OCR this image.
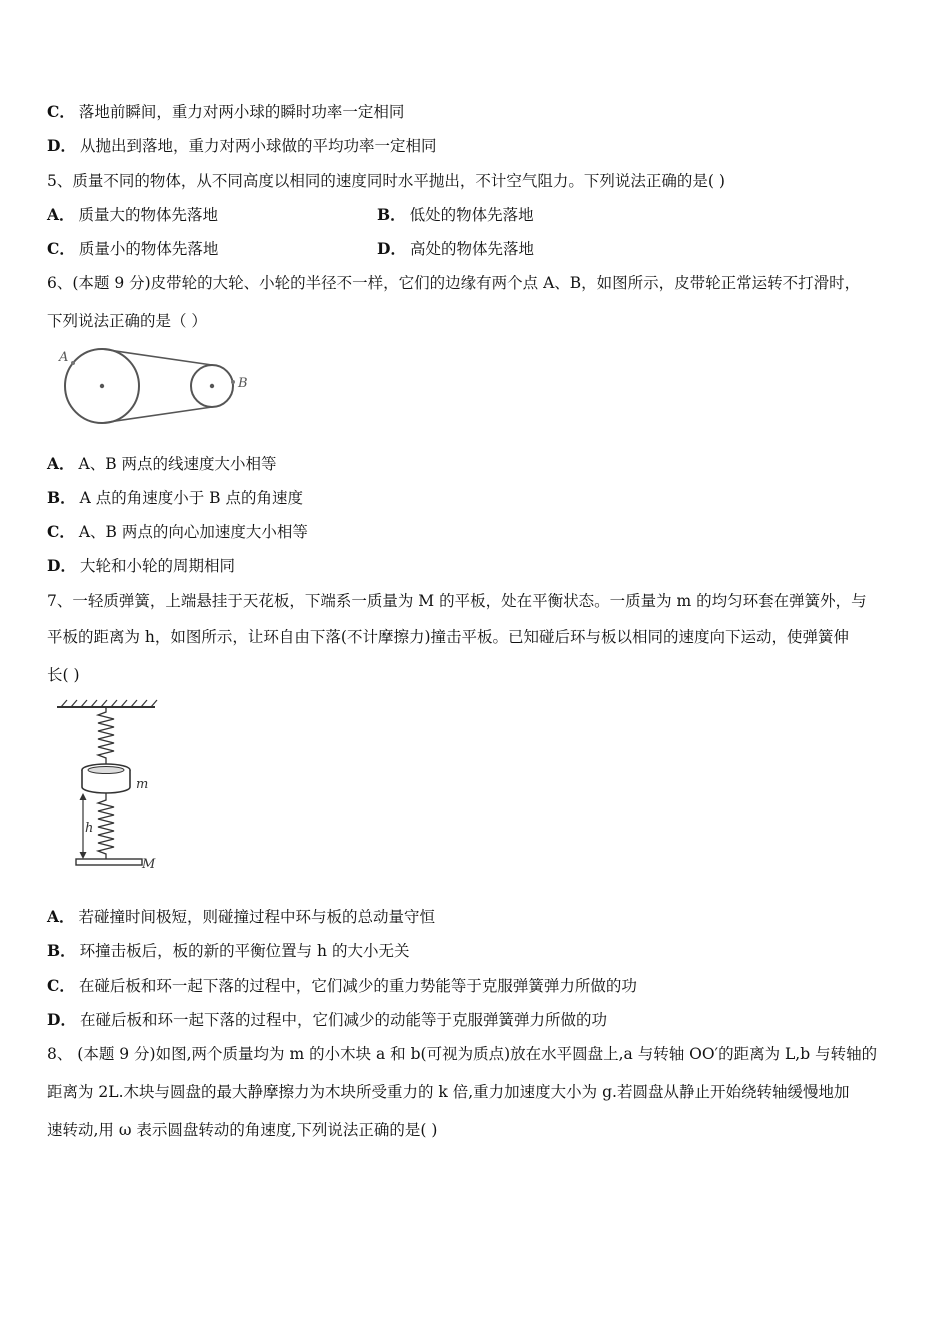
C． 落地前瞬间，重力对两小球的瞬时功率一定相同
D． 从抛出到落地，重力对两小球做的平均功率一定相同
5、质量不同的物体，从不同高度以相同的速度同时水平抛出，不计空气阻力。下列说法正确的是( )
A． 质量大的物体先落地	B． 低处的物体先落地
C． 质量小的物体先落地	D． 高处的物体先落地
6、(本题 9 分)皮带轮的大轮、小轮的半径不一样，它们的边缘有两个点 A、B，如图所示，皮带轮正常运转不打滑时，
下列说法正确的是（ ）
A
B
A． A、B 两点的线速度大小相等
B． A 点的角速度小于 B 点的角速度
C． A、B 两点的向心加速度大小相等
D． 大轮和小轮的周期相同
7、一轻质弹簧，上端悬挂于天花板，下端系一质量为 M 的平板，处在平衡状态。一质量为 m 的均匀环套在弹簧外，与
平板的距离为 h，如图所示，让环自由下落(不计摩擦力)撞击平板。已知碰后环与板以相同的速度向下运动，使弹簧伸
长( )
m
h
M
A． 若碰撞时间极短，则碰撞过程中环与板的总动量守恒
B． 环撞击板后，板的新的平衡位置与 h 的大小无关
C． 在碰后板和环一起下落的过程中，它们减少的重力势能等于克服弹簧弹力所做的功
D． 在碰后板和环一起下落的过程中，它们减少的动能等于克服弹簧弹力所做的功
8、 (本题 9 分)如图,两个质量均为 m 的小木块 a 和 b(可视为质点)放在水平圆盘上,a 与转轴 OO′的距离为 L,b 与转轴的
距离为 2L.木块与圆盘的最大静摩擦力为木块所受重力的 k 倍,重力加速度大小为 g.若圆盘从静止开始绕转轴缓慢地加
速转动,用 ω 表示圆盘转动的角速度,下列说法正确的是( )
